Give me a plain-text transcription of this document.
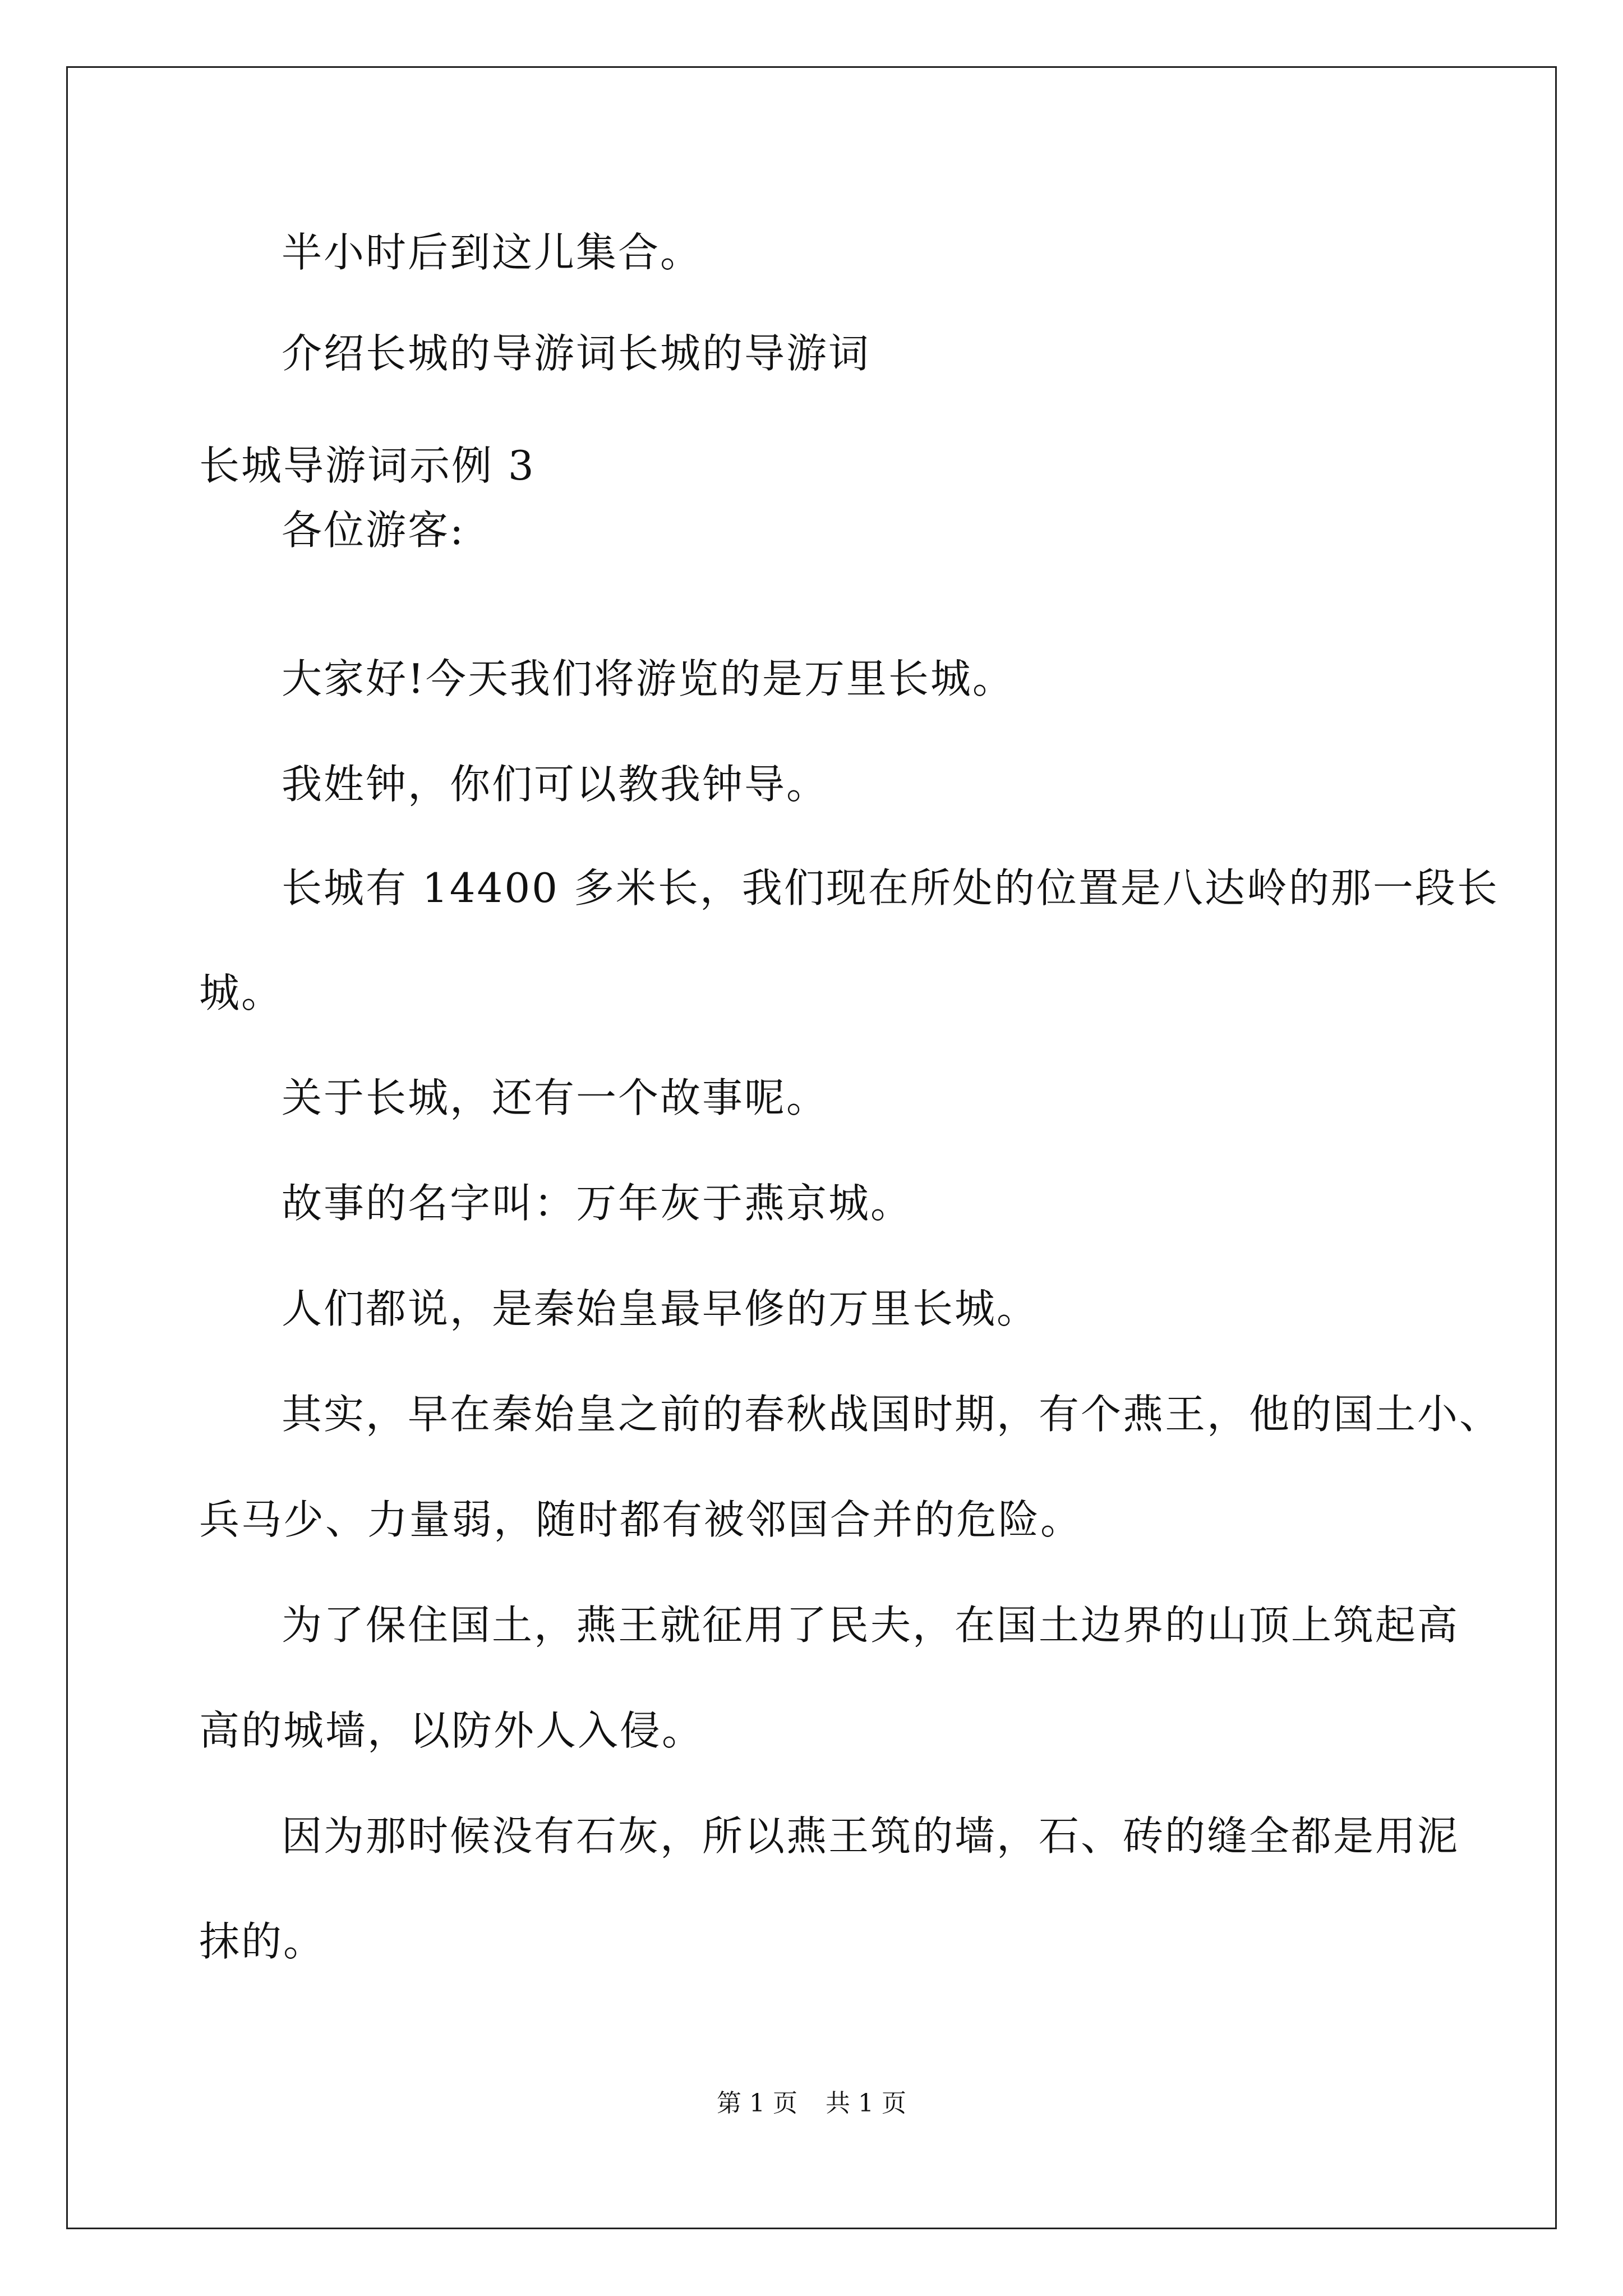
半小时后到这儿集合。
介绍长城的导游词长城的导游词
长城导游词示例 3
各位游客:
大家好!今天我们将游览的是万里长城。
我姓钟，你们可以教我钟导。
长城有 14400 多米长，我们现在所处的位置是八达岭的那一段长
城。
关于长城，还有一个故事呢。
故事的名字叫：万年灰于燕京城。
人们都说，是秦始皇最早修的万里长城。
其实，早在秦始皇之前的春秋战国时期，有个燕王，他的国土小、
兵马少、力量弱，随时都有被邻国合并的危险。
为了保住国土，燕王就征用了民夫，在国土边界的山顶上筑起高
高的城墙，以防外人入侵。
因为那时候没有石灰，所以燕王筑的墙，石、砖的缝全都是用泥
抹的。
第 1 页 共 1 页
